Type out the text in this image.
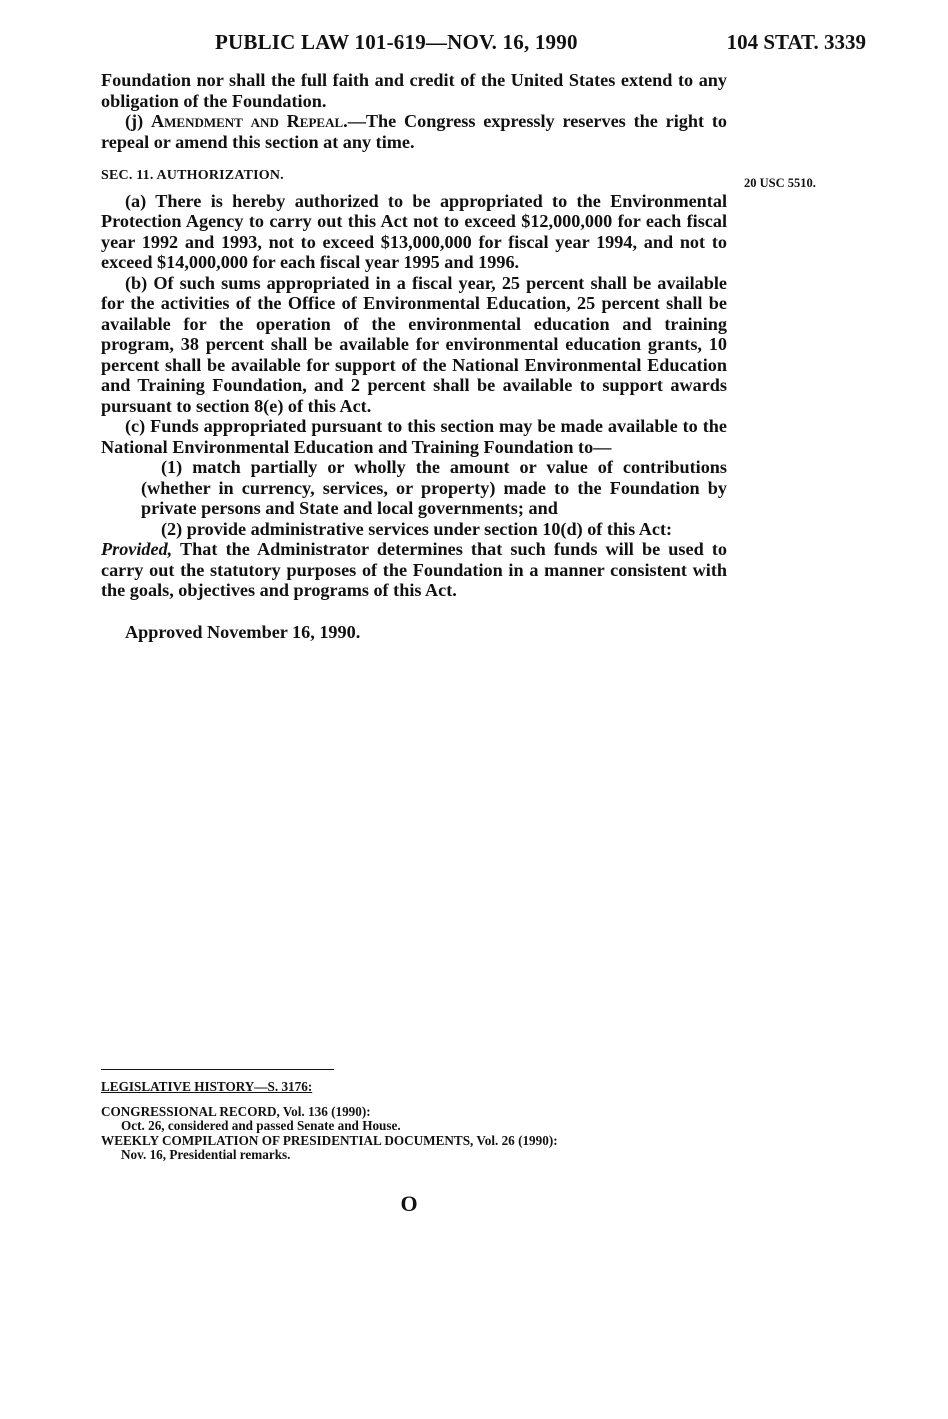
PUBLIC LAW 101-619—NOV. 16, 1990	104 STAT. 3339

Foundation nor shall the full faith and credit of the United States extend to any obligation of the Foundation.

(j) Amendment and Repeal.—The Congress expressly reserves the right to repeal or amend this section at any time.

SEC. 11. AUTHORIZATION.

(a) There is hereby authorized to be appropriated to the Environmental Protection Agency to carry out this Act not to exceed $12,000,000 for each fiscal year 1992 and 1993, not to exceed $13,000,000 for fiscal year 1994, and not to exceed $14,000,000 for each fiscal year 1995 and 1996.

(b) Of such sums appropriated in a fiscal year, 25 percent shall be available for the activities of the Office of Environmental Education, 25 percent shall be available for the operation of the environmental education and training program, 38 percent shall be available for environmental education grants, 10 percent shall be available for support of the National Environmental Education and Training Foundation, and 2 percent shall be available to support awards pursuant to section 8(e) of this Act.

(c) Funds appropriated pursuant to this section may be made available to the National Environmental Education and Training Foundation to—

(1) match partially or wholly the amount or value of contributions (whether in currency, services, or property) made to the Foundation by private persons and State and local governments; and

(2) provide administrative services under section 10(d) of this Act:

Provided, That the Administrator determines that such funds will be used to carry out the statutory purposes of the Foundation in a manner consistent with the goals, objectives and programs of this Act.

Approved November 16, 1990.

20 USC 5510.

LEGISLATIVE HISTORY—S. 3176:

CONGRESSIONAL RECORD, Vol. 136 (1990):

Oct. 26, considered and passed Senate and House.

WEEKLY COMPILATION OF PRESIDENTIAL DOCUMENTS, Vol. 26 (1990):

Nov. 16, Presidential remarks.

O
